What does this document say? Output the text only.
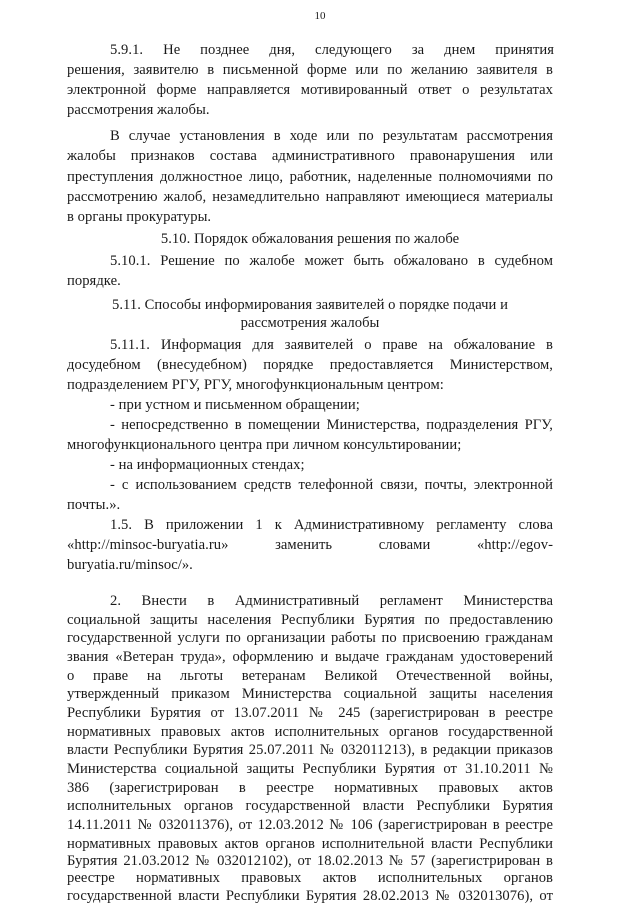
10
5.9.1. Не позднее дня, следующего за днем принятия
решения, заявителю в письменной форме или по желанию заявителя в
электронной форме направляется мотивированный ответ о результатах
рассмотрения жалобы.
В случае установления в ходе или по результатам рассмотрения
жалобы признаков состава административного правонарушения или
преступления должностное лицо, работник, наделенные полномочиями по
рассмотрению жалоб, незамедлительно направляют имеющиеся материалы
в органы прокуратуры.
5.10. Порядок обжалования решения по жалобе
5.10.1. Решение по жалобе может быть обжаловано в судебном
порядке.
5.11. Способы информирования заявителей о порядке подачи и
рассмотрения жалобы
5.11.1. Информация для заявителей о праве на обжалование в
досудебном (внесудебном) порядке предоставляется Министерством,
подразделением РГУ, РГУ, многофункциональным центром:
- при устном и письменном обращении;
- непосредственно в помещении Министерства, подразделения РГУ,
многофункционального центра при личном консультировании;
- на информационных стендах;
- с использованием средств телефонной связи, почты, электронной
почты.».
1.5. В приложении 1 к Административному регламенту слова
«http://minsoc-buryatia.ru» заменить словами «http://egov-
buryatia.ru/minsoc/».
2. Внести в Административный регламент Министерства
социальной защиты населения Республики Бурятия по предоставлению
государственной услуги по организации работы по присвоению гражданам
звания «Ветеран труда», оформлению и выдаче гражданам удостоверений
о праве на льготы ветеранам Великой Отечественной войны,
утвержденный приказом Министерства социальной защиты населения
Республики Бурятия от 13.07.2011 № 245 (зарегистрирован в реестре
нормативных правовых актов исполнительных органов государственной
власти Республики Бурятия 25.07.2011 № 032011213), в редакции приказов
Министерства социальной защиты Республики Бурятия от 31.10.2011 №
386 (зарегистрирован в реестре нормативных правовых актов
исполнительных органов государственной власти Республики Бурятия
14.11.2011 № 032011376), от 12.03.2012 № 106 (зарегистрирован в реестре
нормативных правовых актов органов исполнительной власти Республики
Бурятия 21.03.2012 № 032012102), от 18.02.2013 № 57 (зарегистрирован в
реестре нормативных правовых актов исполнительных органов
государственной власти Республики Бурятия 28.02.2013 № 032013076), от
